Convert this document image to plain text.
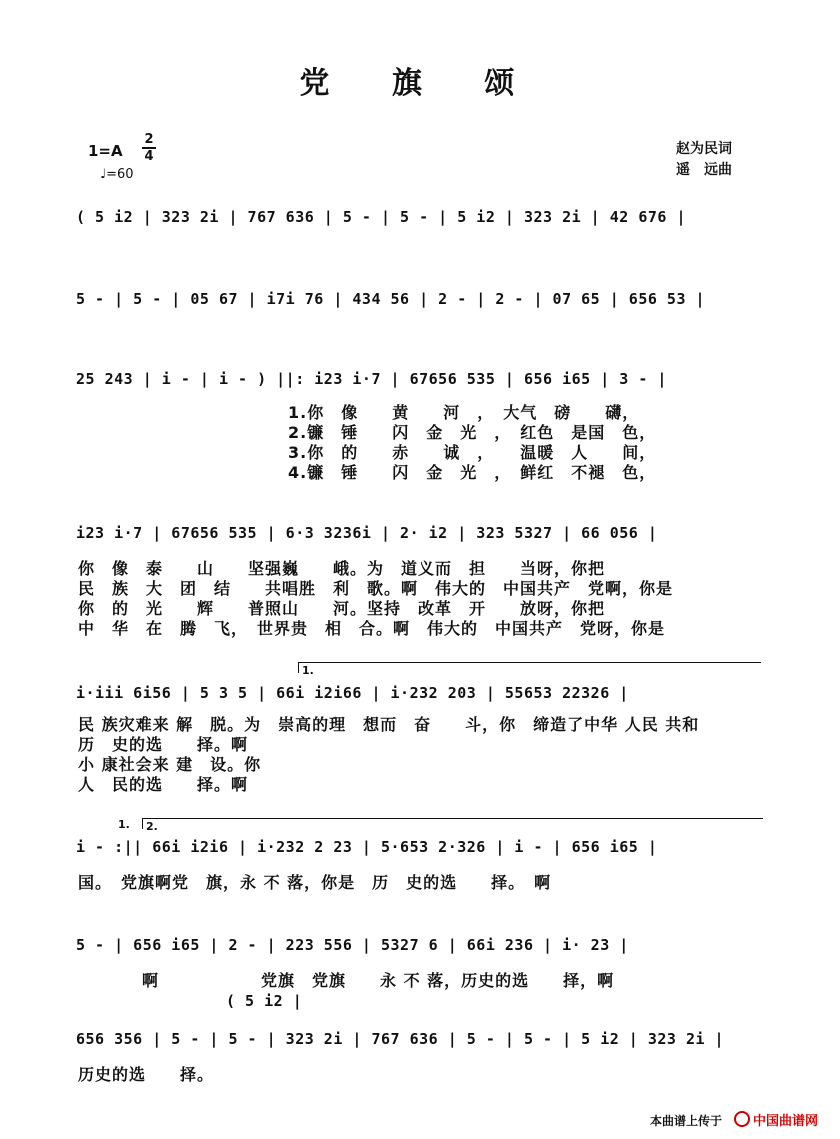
党 旗 颂
1=A
2
4
♩=60
赵为民词
遥　远曲
( 5 i2 | 323 2i | 767 636 | 5 - | 5 - | 5 i2 | 323 2i | 42 676 |
5 - | 5 - | 05 67 | i7i 76 | 434 56 | 2 - | 2 - | 07 65 | 656 53 |
25 243 | i - | i - ) ||: i23 i·7 | 67656 535 | 656 i65 | 3 - |
1.你　像　　黄　　河　，　大气　磅　　礴，
2.镰　锤　　闪　金　光　，　红色　是国　色，
3.你　的　　赤　　诚　，　　温暖　人　　间，
4.镰　锤　　闪　金　光　，　鲜红　不褪　色，
i23 i·7 | 67656 535 | 6·3 3236i | 2· i2 | 323 5327 | 66 056 |
你　像　泰　　山　　坚强巍　　峨。为　道义而　担　　当呀，你把
民　族　大　团　结　　共唱胜　利　歌。啊　伟大的　中国共产　党啊，你是
你　的　光　　辉　　普照山　　河。坚持　改革　开　　放呀，你把
中　华　在　腾　飞，　世界贵　相　合。啊　伟大的　中国共产　党呀，你是
1.
i·iii 6i56 | 5 3 5 | 66i i2i66 | i·232 203 | 55653 22326 |
民 族灾难来 解　脱。为　崇高的理　想而　奋　　斗，你　缔造了中华 人民 共和
历　史的选　　择。啊
小 康社会来 建　设。你
人　民的选　　择。啊
1. 2.
i - :|| 66i i2i6 | i·232 2 23 | 5·653 2·326 | i - | 656 i65 |
国。　党旗啊党　旗，永 不 落，你是　历　史的选　　择。　啊
5 - | 656 i65 | 2 - | 223 556 | 5327 6 | 66i 236 | i· 23 |
啊　　　　　　党旗　党旗　　永 不 落，历史的选　　择，啊
( 5 i2 |
656 356 | 5 - | 5 - | 323 2i | 767 636 | 5 - | 5 - | 5 i2 | 323 2i |
历史的选　　择。
本曲谱上传于	中国曲谱网
